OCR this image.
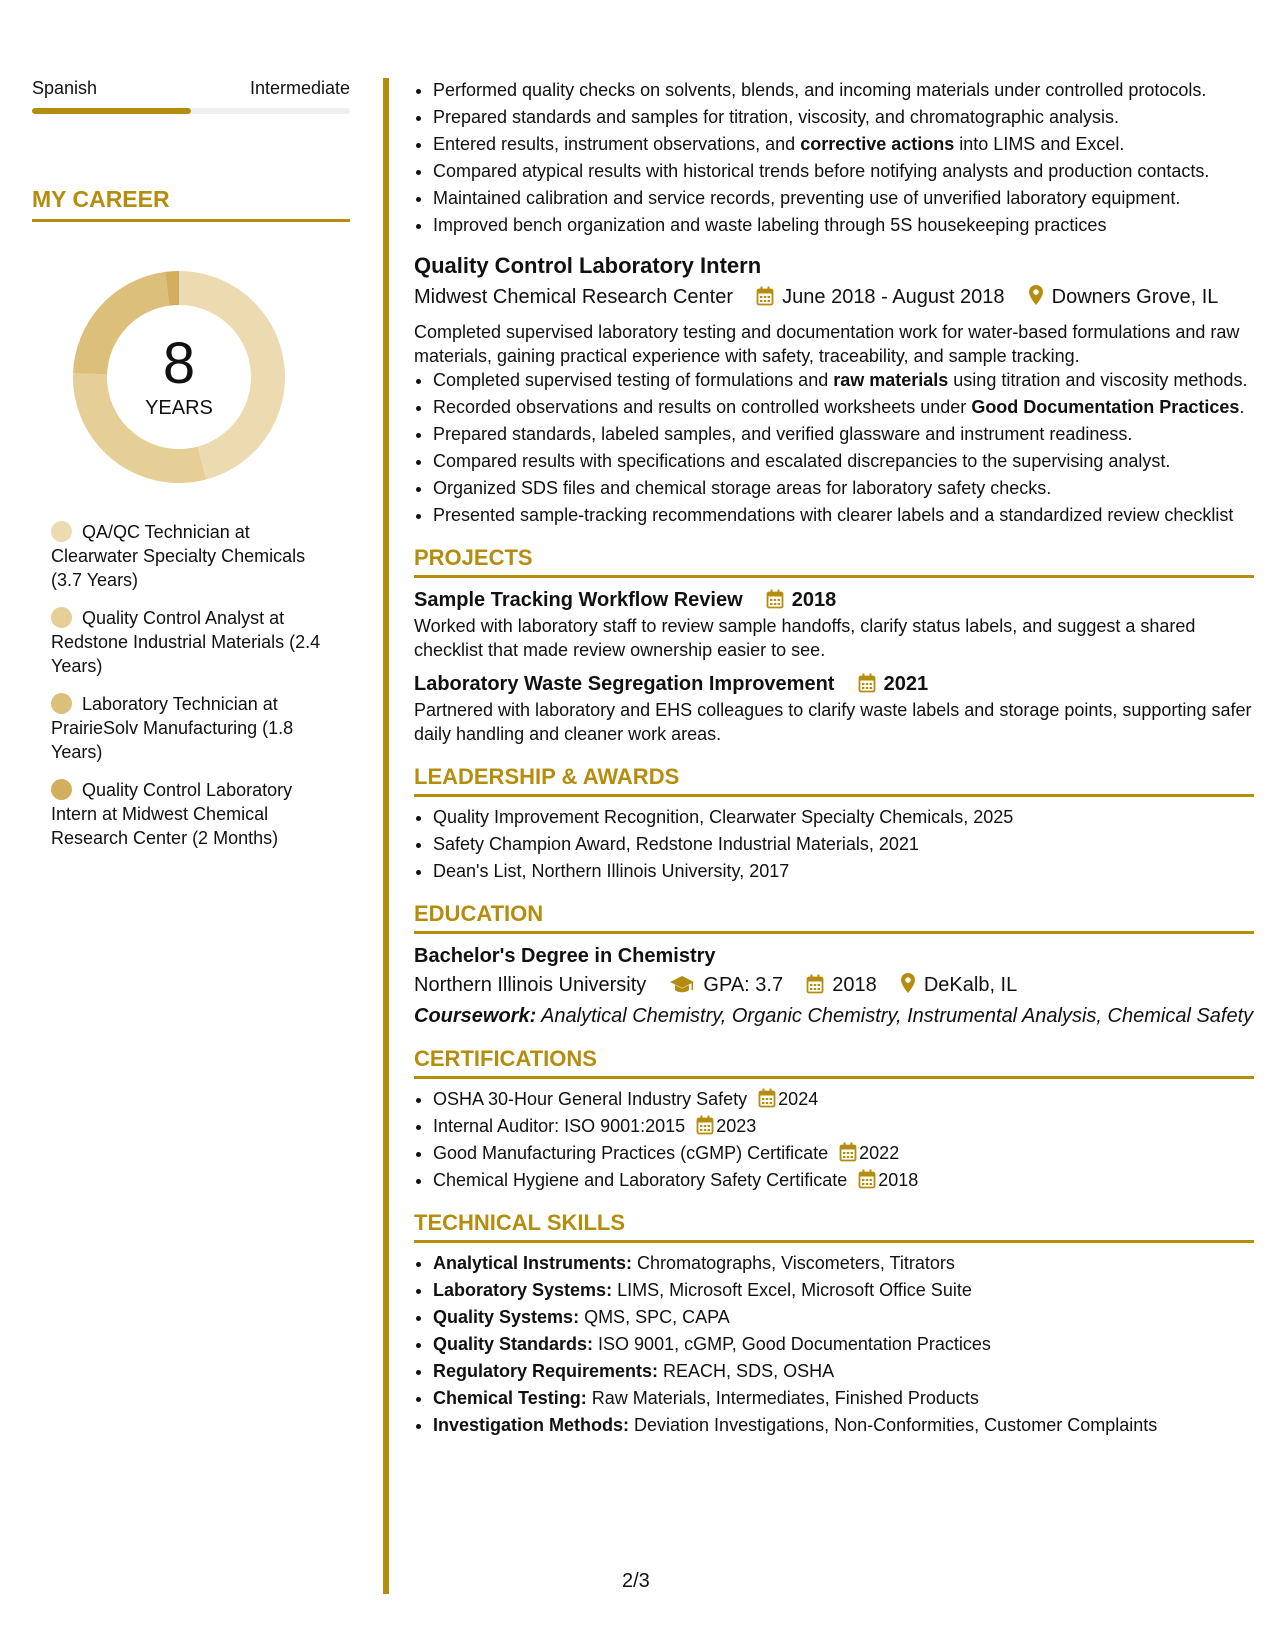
Spanish	Intermediate
MY CAREER
8
YEARS
QA/QC Technician at Clearwater Specialty Chemicals (3.7 Years)
Quality Control Analyst at Redstone Industrial Materials (2.4 Years)
Laboratory Technician at PrairieSolv Manufacturing (1.8 Years)
Quality Control Laboratory Intern at Midwest Chemical Research Center (2 Months)
• Performed quality checks on solvents, blends, and incoming materials under controlled protocols.
• Prepared standards and samples for titration, viscosity, and chromatographic analysis.
• Entered results, instrument observations, and corrective actions into LIMS and Excel.
• Compared atypical results with historical trends before notifying analysts and production contacts.
• Maintained calibration and service records, preventing use of unverified laboratory equipment.
• Improved bench organization and waste labeling through 5S housekeeping practices
Quality Control Laboratory Intern
Midwest Chemical Research Center June 2018 - August 2018 Downers Grove, IL
Completed supervised laboratory testing and documentation work for water-based formulations and raw materials, gaining practical experience with safety, traceability, and sample tracking.
• Completed supervised testing of formulations and raw materials using titration and viscosity methods.
• Recorded observations and results on controlled worksheets under Good Documentation Practices.
• Prepared standards, labeled samples, and verified glassware and instrument readiness.
• Compared results with specifications and escalated discrepancies to the supervising analyst.
• Organized SDS files and chemical storage areas for laboratory safety checks.
• Presented sample-tracking recommendations with clearer labels and a standardized review checklist
PROJECTS
Sample Tracking Workflow Review 2018
Worked with laboratory staff to review sample handoffs, clarify status labels, and suggest a shared checklist that made review ownership easier to see.
Laboratory Waste Segregation Improvement 2021
Partnered with laboratory and EHS colleagues to clarify waste labels and storage points, supporting safer daily handling and cleaner work areas.
LEADERSHIP & AWARDS
• Quality Improvement Recognition, Clearwater Specialty Chemicals, 2025
• Safety Champion Award, Redstone Industrial Materials, 2021
• Dean's List, Northern Illinois University, 2017
EDUCATION
Bachelor's Degree in Chemistry
Northern Illinois University	GPA: 3.7 2018 DeKalb, IL
Coursework: Analytical Chemistry, Organic Chemistry, Instrumental Analysis, Chemical Safety
CERTIFICATIONS
• OSHA 30-Hour General Industry Safety 2024
• Internal Auditor: ISO 9001:2015 2023
• Good Manufacturing Practices (cGMP) Certificate 2022
• Chemical Hygiene and Laboratory Safety Certificate 2018
TECHNICAL SKILLS
• Analytical Instruments: Chromatographs, Viscometers, Titrators
• Laboratory Systems: LIMS, Microsoft Excel, Microsoft Office Suite
• Quality Systems: QMS, SPC, CAPA
• Quality Standards: ISO 9001, cGMP, Good Documentation Practices
• Regulatory Requirements: REACH, SDS, OSHA
• Chemical Testing: Raw Materials, Intermediates, Finished Products
• Investigation Methods: Deviation Investigations, Non-Conformities, Customer Complaints
2/3
